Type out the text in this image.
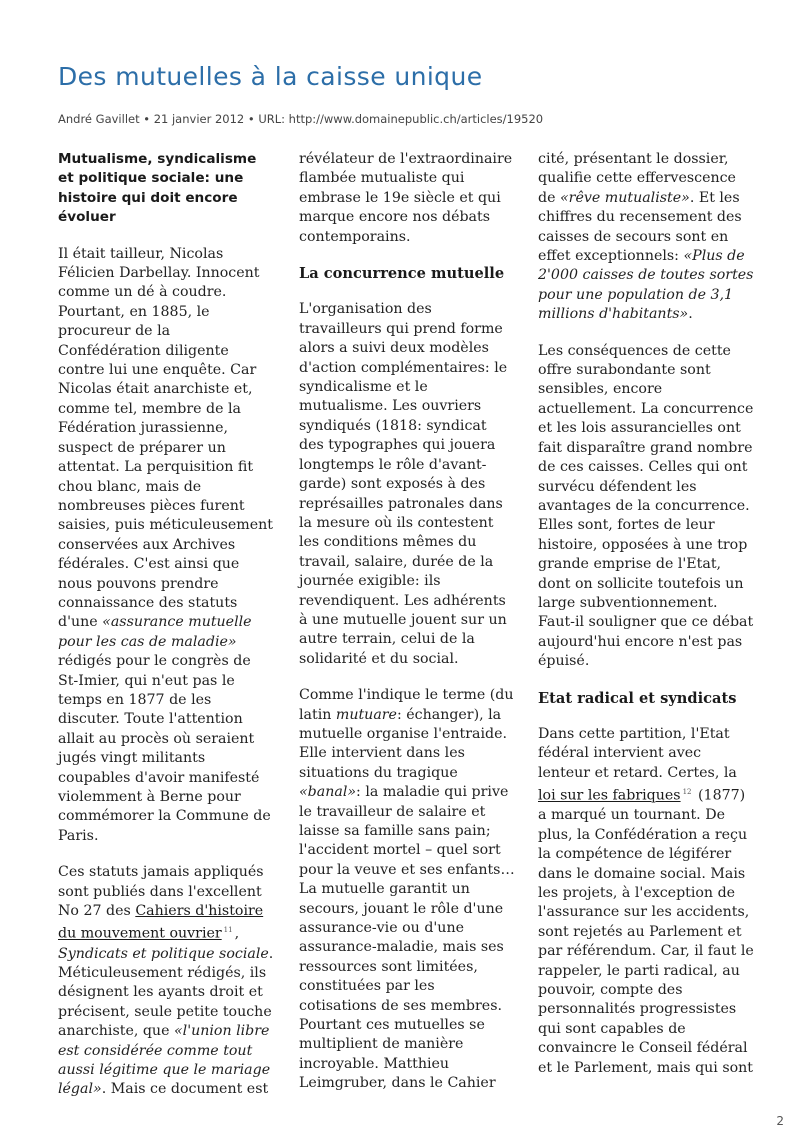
Des mutuelles à la caisse unique
André Gavillet • 21 janvier 2012 • URL: http://www.domainepublic.ch/articles/19520

Mutualisme, syndicalisme et politique sociale: une histoire qui doit encore évoluer

Il était tailleur, Nicolas Félicien Darbellay. Innocent comme un dé à coudre. Pourtant, en 1885, le procureur de la Confédération diligente contre lui une enquête. Car Nicolas était anarchiste et, comme tel, membre de la Fédération jurassienne, suspect de préparer un attentat. La perquisition fit chou blanc, mais de nombreuses pièces furent saisies, puis méticuleusement conservées aux Archives fédérales. C'est ainsi que nous pouvons prendre connaissance des statuts d'une «assurance mutuelle pour les cas de maladie» rédigés pour le congrès de St-Imier, qui n'eut pas le temps en 1877 de les discuter. Toute l'attention allait au procès où seraient jugés vingt militants coupables d'avoir manifesté violemment à Berne pour commémorer la Commune de Paris.

Ces statuts jamais appliqués sont publiés dans l'excellent No 27 des Cahiers d'histoire du mouvement ouvrier $^{11}$ , Syndicats et politique sociale. Méticuleusement rédigés, ils désignent les ayants droit et précisent, seule petite touche anarchiste, que «l'union libre est considérée comme tout aussi légitime que le mariage légal». Mais ce document est

révélateur de l'extraordinaire flambée mutualiste qui embrase le 19e siècle et qui marque encore nos débats contemporains.

La concurrence mutuelle

L'organisation des travailleurs qui prend forme alors a suivi deux modèles d'action complémentaires: le syndicalisme et le mutualisme. Les ouvriers syndiqués (1818: syndicat des typographes qui jouera longtemps le rôle d'avant-garde) sont exposés à des représailles patronales dans la mesure où ils contestent les conditions mêmes du travail, salaire, durée de la journée exigible: ils revendiquent. Les adhérents à une mutuelle jouent sur un autre terrain, celui de la solidarité et du social.

Comme l'indique le terme (du latin mutuare: échanger), la mutuelle organise l'entraide. Elle intervient dans les situations du tragique «banal»: la maladie qui prive le travailleur de salaire et laisse sa famille sans pain; l'accident mortel – quel sort pour la veuve et ses enfants… La mutuelle garantit un secours, jouant le rôle d'une assurance-vie ou d'une assurance-maladie, mais ses ressources sont limitées, constituées par les cotisations de ses membres. Pourtant ces mutuelles se multiplient de manière incroyable. Matthieu Leimgruber, dans le Cahier

cité, présentant le dossier, qualifie cette effervescence de «rêve mutualiste». Et les chiffres du recensement des caisses de secours sont en effet exceptionnels: «Plus de 2'000 caisses de toutes sortes pour une population de 3,1 millions d'habitants».

Les conséquences de cette offre surabondante sont sensibles, encore actuellement. La concurrence et les lois assurancielles ont fait disparaître grand nombre de ces caisses. Celles qui ont survécu défendent les avantages de la concurrence. Elles sont, fortes de leur histoire, opposées à une trop grande emprise de l'Etat, dont on sollicite toutefois un large subventionnement. Faut-il souligner que ce débat aujourd'hui encore n'est pas épuisé.

Etat radical et syndicats

Dans cette partition, l'Etat fédéral intervient avec lenteur et retard. Certes, la loi sur les fabriques $^{12}$ (1877) a marqué un tournant. De plus, la Confédération a reçu la compétence de légiférer dans le domaine social. Mais les projets, à l'exception de l'assurance sur les accidents, sont rejetés au Parlement et par référendum. Car, il faut le rappeler, le parti radical, au pouvoir, compte des personnalités progressistes qui sont capables de convaincre le Conseil fédéral et le Parlement, mais qui sont

2
